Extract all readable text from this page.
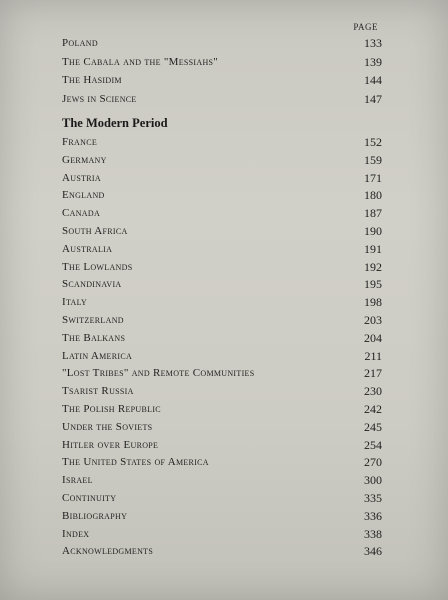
PAGE
Poland	133
The Cabala and the "Messiahs"	139
The Hasidim	144
Jews in Science	147
The Modern Period
France	152
Germany	159
Austria	171
England	180
Canada	187
South Africa	190
Australia	191
The Lowlands	192
Scandinavia	195
Italy	198
Switzerland	203
The Balkans	204
Latin America	211
"Lost Tribes" and Remote Communities	217
Tsarist Russia	230
The Polish Republic	242
Under the Soviets	245
Hitler over Europe	254
The United States of America	270
Israel	300
Continuity	335
Bibliography	336
Index	338
Acknowledgments	346
